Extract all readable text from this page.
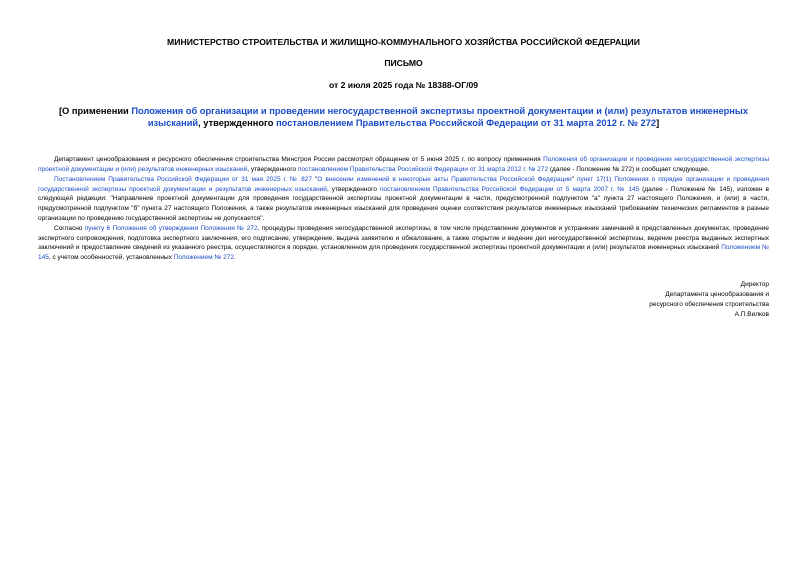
МИНИСТЕРСТВО СТРОИТЕЛЬСТВА И ЖИЛИЩНО-КОММУНАЛЬНОГО ХОЗЯЙСТВА РОССИЙСКОЙ ФЕДЕРАЦИИ
ПИСЬМО
от 2 июля 2025 года № 18388-ОГ/09
[О применении Положения об организации и проведении негосударственной экспертизы проектной документации и (или) результатов инженерных изысканий, утвержденного постановлением Правительства Российской Федерации от 31 марта 2012 г. № 272]

Департамент ценообразования и ресурсного обеспечения строительства Минстроя России рассмотрел обращение от 5 июня 2025 г. по вопросу применения Положения об организации и проведении негосударственной экспертизы проектной документации и (или) результатов инженерных изысканий, утвержденного постановлением Правительства Российской Федерации от 31 марта 2012 г. № 272 (далее - Положение № 272) и сообщает следующее.

Постановлением Правительства Российской Федерации от 31 мая 2025 г. № 827 "О внесении изменений в некоторые акты Правительства Российской Федерации" пункт 17(1) Положения о порядке организации и проведения государственной экспертизы проектной документации и результатов инженерных изысканий, утвержденного постановлением Правительства Российской Федерации от 5 марта 2007 г. № 145 (далее - Положение № 145), изложен в следующей редакции: "Направление проектной документации для проведения государственной экспертизы проектной документации в части, предусмотренной подпунктом "а" пункта 27 настоящего Положения, и (или) в части, предусмотренной подпунктом "б" пункта 27 настоящего Положения, а также результатов инженерных изысканий для проведения оценки соответствия результатов инженерных изысканий требованиям технических регламентов в разные организации по проведению государственной экспертизы не допускается".

Согласно пункту 6 Положения об утверждении Положения № 272, процедуры проведения негосударственной экспертизы, в том числе представление документов и устранение замечаний в представленных документах, проведение экспертного сопровождения, подготовка экспертного заключения, его подписание, утверждение, выдача заявителю и обжалование, а также открытие и ведение дел негосударственной экспертизы, ведение реестра выданных экспертных заключений и предоставление сведений из указанного реестра, осуществляются в порядке, установленном для проведения государственной экспертизы проектной документации и (или) результатов инженерных изысканий Положением № 145, с учетом особенностей, установленных Положением № 272.

Директор
Департамента ценообразования и
ресурсного обеспечения строительства
А.П.Вилков
